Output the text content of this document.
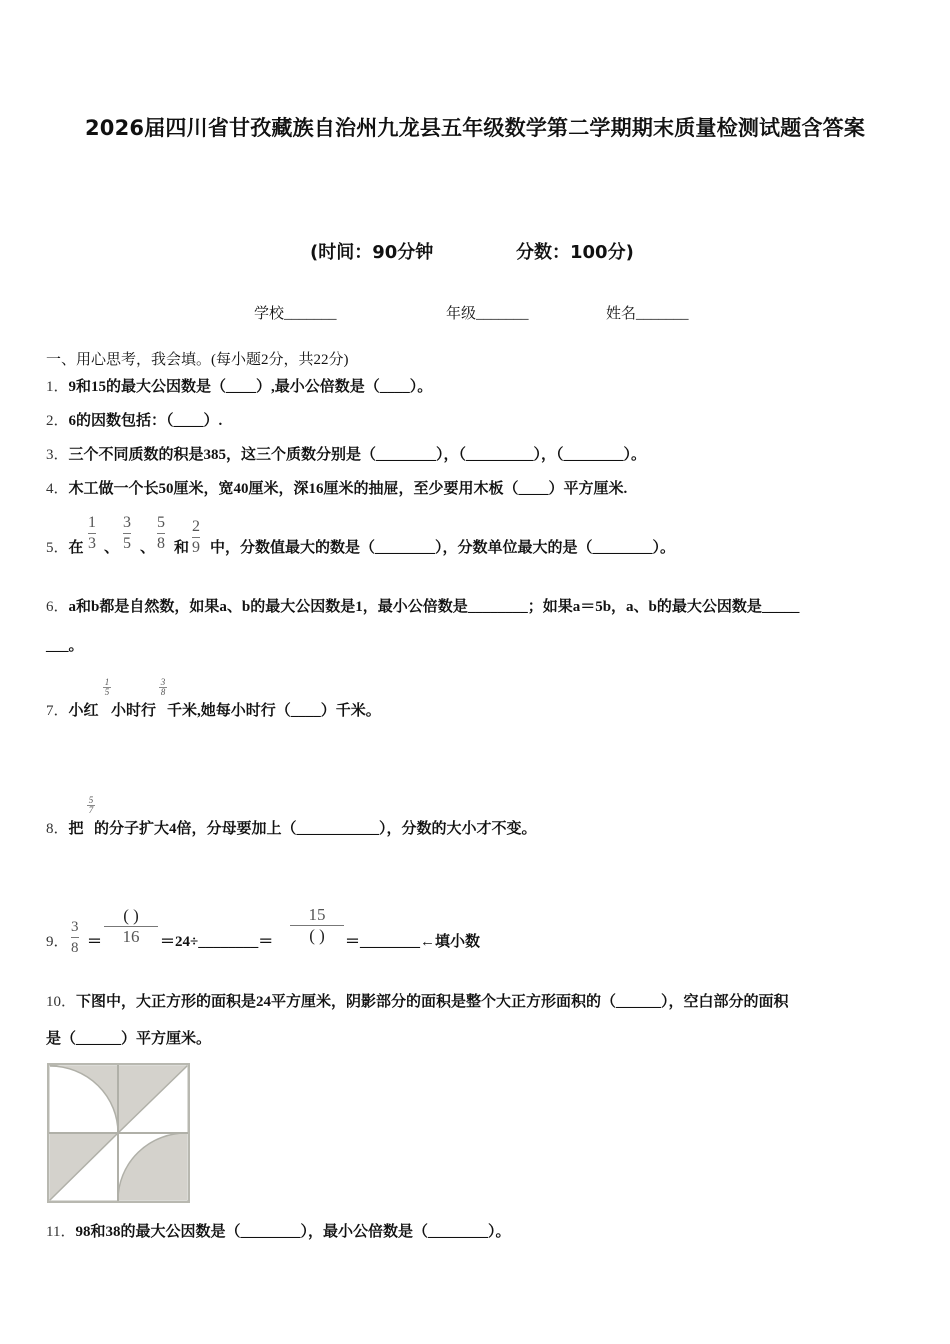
2026届四川省甘孜藏族自治州九龙县五年级数学第二学期期末质量检测试题含答案
(时间：90分钟	分数：100分)
学校_______	年级_______	姓名_______
一、用心思考，我会填。(每小题2分，共22分)
1．9和15的最大公因数是（____）,最小公倍数是（____）。
2．6的因数包括：（____）.
3．三个不同质数的积是385，这三个质数分别是（________），（_________），（________）。
4．木工做一个长50厘米，宽40厘米，深16厘米的抽屉，至少要用木板（____）平方厘米.
5．在
1
3 、
3
5 、
5
8 和
2
9 中，分数值最大的数是（________），分数单位最大的是（________）。
6．a和b都是自然数，如果a、b的最大公因数是1，最小公倍数是________；如果a＝5b，a、b的最大公因数是_____
___。
7．小红
1
5
小时行
3
8
千米,她每小时行（____）千米。
8．把
5
7
的分子扩大4倍，分母要加上（___________），分数的大小才不变。
9．
3
8 ＝
( )
16	＝24÷________＝
15
( )	＝________←填小数
10．下图中，大正方形的面积是24平方厘米，阴影部分的面积是整个大正方形面积的（______），空白部分的面积
是（______）平方厘米。
11．98和38的最大公因数是（________），最小公倍数是（________）。
